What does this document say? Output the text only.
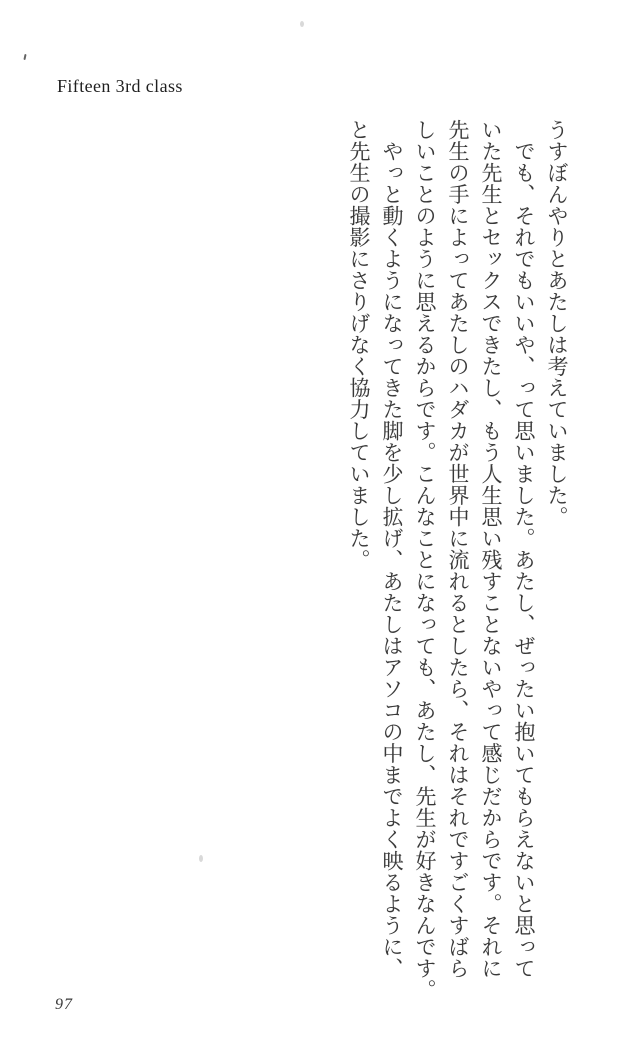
Fifteen 3rd class

うすぼんやりとあたしは考えていました。

　でも、それでもいいや、って思いました。あたし、ぜったい抱いてもらえないと思って

いた先生とセックスできたし、もう人生思い残すことないやって感じだからです。それに

先生の手によってあたしのハダカが世界中に流れるとしたら、それはそれですごくすばら

しいことのように思えるからです。こんなことになっても、あたし、先生が好きなんです。

　やっと動くようになってきた脚を少し拡げ、あたしはアソコの中までよく映るように、

と先生の撮影にさりげなく協力していました。

97
